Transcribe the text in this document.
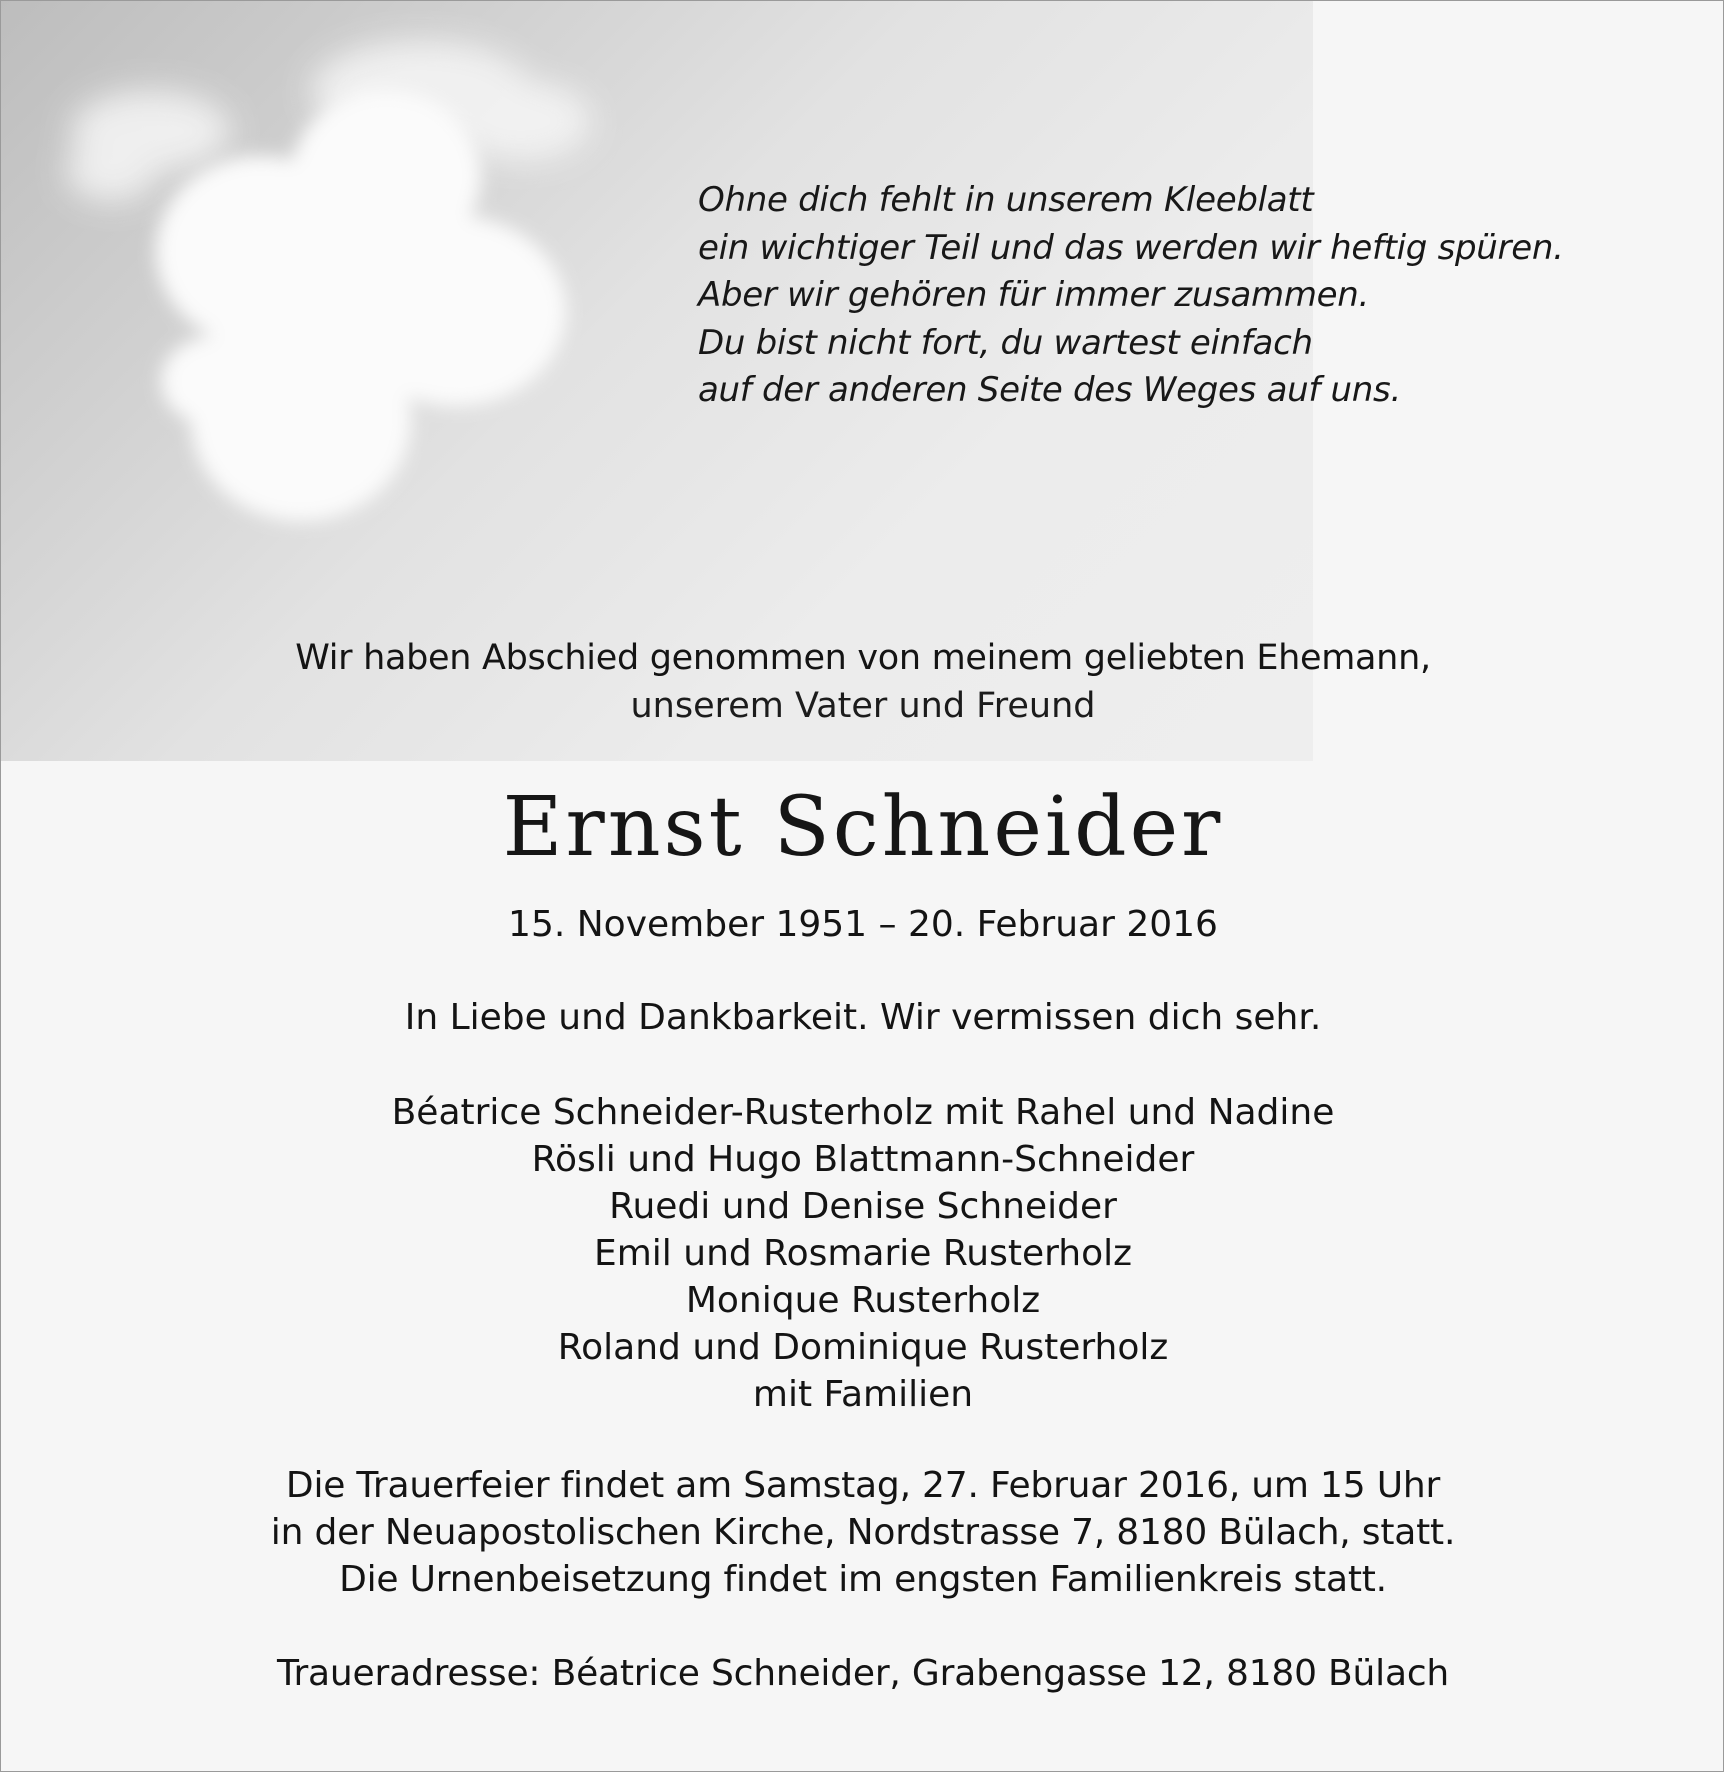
Ohne dich fehlt in unserem Kleeblatt
ein wichtiger Teil und das werden wir heftig spüren.
Aber wir gehören für immer zusammen.
Du bist nicht fort, du wartest einfach
auf der anderen Seite des Weges auf uns.
Wir haben Abschied genommen von meinem geliebten Ehemann,
unserem Vater und Freund
Ernst Schneider
15. November 1951 – 20. Februar 2016
In Liebe und Dankbarkeit. Wir vermissen dich sehr.
Béatrice Schneider-Rusterholz mit Rahel und Nadine
Rösli und Hugo Blattmann-Schneider
Ruedi und Denise Schneider
Emil und Rosmarie Rusterholz
Monique Rusterholz
Roland und Dominique Rusterholz
mit Familien
Die Trauerfeier findet am Samstag, 27. Februar 2016, um 15 Uhr
in der Neuapostolischen Kirche, Nordstrasse 7, 8180 Bülach, statt.
Die Urnenbeisetzung findet im engsten Familienkreis statt.
Traueradresse: Béatrice Schneider, Grabengasse 12, 8180 Bülach
